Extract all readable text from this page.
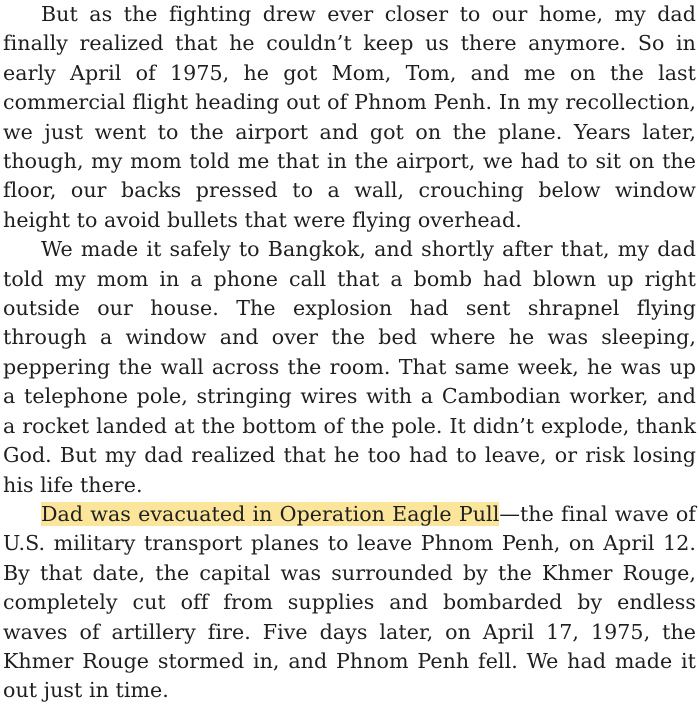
But as the fighting drew ever closer to our home, my dad finally realized that he couldn’t keep us there anymore. So in early April of 1975, he got Mom, Tom, and me on the last commercial flight heading out of Phnom Penh. In my recollection, we just went to the airport and got on the plane. Years later, though, my mom told me that in the airport, we had to sit on the floor, our backs pressed to a wall, crouching below window height to avoid bullets that were flying overhead.

We made it safely to Bangkok, and shortly after that, my dad told my mom in a phone call that a bomb had blown up right outside our house. The explosion had sent shrapnel flying through a window and over the bed where he was sleeping, peppering the wall across the room. That same week, he was up a telephone pole, stringing wires with a Cambodian worker, and a rocket landed at the bottom of the pole. It didn’t explode, thank God. But my dad realized that he too had to leave, or risk losing his life there.

Dad was evacuated in Operation Eagle Pull—the final wave of U.S. military transport planes to leave Phnom Penh, on April 12. By that date, the capital was surrounded by the Khmer Rouge, completely cut off from supplies and bombarded by endless waves of artillery fire. Five days later, on April 17, 1975, the Khmer Rouge stormed in, and Phnom Penh fell. We had made it out just in time.
